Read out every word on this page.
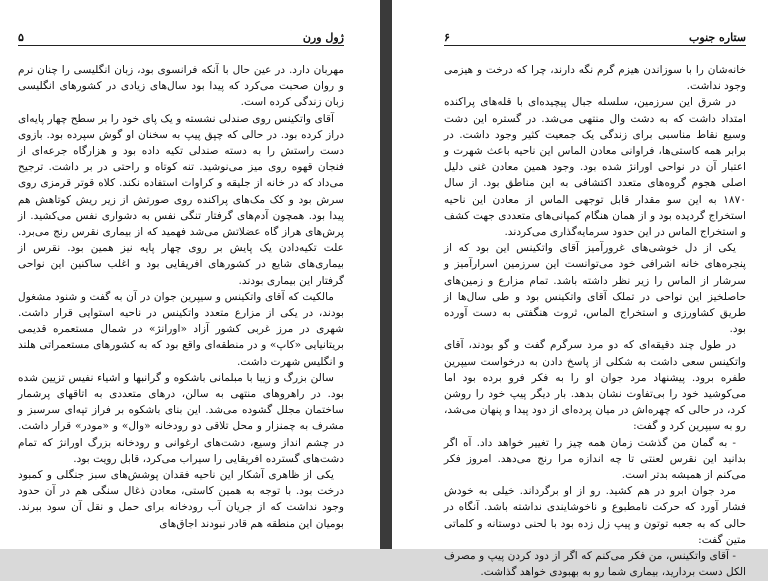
ژول ورن
۵

مهربان دارد. در عین حال با آنکه فرانسوی بود، زبان انگلیسی را چنان نرم و روان صحبت می‌کرد که پیدا بود سال‌های زیادی در کشورهای انگلیسی زبان زندگی کرده است.

آقای واتکینس روی صندلی نشسته و یک پای خود را بر سطح چهار پایه‌ای دراز کرده بود. در حالی که چپق پیپ به سخنان او گوش سپرده بود. بازوی دست راستش را به دسته صندلی تکیه داده بود و هزارگاه جرعه‌ای از فنجان قهوه روی میز می‌نوشید. تنه کوتاه و راحتی در بر داشت. ترجیح می‌داد که در خانه از جلیقه و کراوات استفاده نکند. کلاه قوتر قرمزی روی سرش بود و کک مک‌های پراکنده روی صورتش از زیر ریش کوتاهش هم پیدا بود. همچون آدم‌های گرفتار تنگی نفس به دشواری نفس می‌کشید. از پرش‌های هراز گاه عضلاتش می‌شد فهمید که از بیماری نقرس رنج می‌برد. علت تکیه‌دادن یک پایش بر روی چهار پایه نیز همین بود. نقرس از بیماری‌های شایع در کشورهای افریقایی بود و اغلب ساکنین این نواحی گرفتار این بیماری بودند.

مالکیت که آقای واتکینس و سیپرین جوان در آن به گفت و شنود مشغول بودند، در یکی از مزارع متعدد واتکینس در ناحیه استوایی قرار داشت. شهری در مرز غربی کشور آزاد «اورانژ» در شمال مستعمره قدیمی بریتانیایی «کاپ» و در منطقه‌ای واقع بود که به کشورهای مستعمراتی هلند و انگلیس شهرت داشت.

سالن بزرگ و زیبا با مبلمانی باشکوه و گرانبها و اشیاء نفیس تزیین شده بود. در راهروهای منتهی به سالن، درهای متعددی به اتاقهای پرشمار ساختمان مجلل گشوده می‌شد. این بنای باشکوه بر فراز تپه‌ای سرسبز و مشرف به چمنزار و محل تلاقی دو رودخانه «وال» و «مودر» قرار داشت. در چشم انداز وسیع، دشت‌های ارغوانی و رودخانه بزرگ اورانژ که تمام دشت‌های گسترده افریقایی را سیراب می‌کرد، قابل رویت بود.

یکی از ظاهری آشکار این ناحیه فقدان پوشش‌های سبز جنگلی و کمبود درخت بود. با توجه به همین کاستی، معادن ذغال سنگی هم در آن حدود وجود نداشت که از جریان آب رودخانه برای حمل و نقل آن سود ببرند. بومیان این منطقه هم قادر نبودند اجاق‌های

ستاره جنوب
۶

خانه‌شان را با سوزاندن هیزم گرم نگه دارند، چرا که درخت و هیزمی وجود نداشت.

در شرق این سرزمین، سلسله جبال پیچیده‌ای با قله‌های پراکنده امتداد داشت که به دشت وال منتهی می‌شد. در گستره این دشت وسیع نقاط مناسبی برای زندگی یک جمعیت کثیر وجود داشت. در برابر همه کاستی‌ها، فراوانی معادن الماس این ناحیه باعث شهرت و اعتبار آن در نواحی اورانژ شده بود. وجود همین معادن غنی دلیل اصلی هجوم گروه‌های متعدد اکتشافی به این مناطق بود. از سال ۱۸۷۰ به این سو مقدار قابل توجهی الماس از معادن این ناحیه استخراج گردیده بود و از همان هنگام کمپانی‌های متعددی جهت کشف و استخراج الماس در این حدود سرمایه‌گذاری می‌کردند.

یکی از دل خوشی‌های غرورآمیز آقای واتکینس این بود که از پنجره‌های خانه اشرافی خود می‌توانست این سرزمین اسرارآمیز و سرشار از الماس را زیر نظر داشته باشد. تمام مزارع و زمین‌های حاصلخیز این نواحی در تملک آقای واتکینس بود و طی سال‌ها از طریق کشاورزی و استخراج الماس، ثروت هنگفتی به دست آورده بود.

در طول چند دقیقه‌ای که دو مرد سرگرم گفت و گو بودند، آقای واتکینس سعی داشت به شکلی از پاسخ دادن به درخواست سیپرین طفره برود. پیشنهاد مرد جوان او را به فکر فرو برده بود اما می‌کوشید خود را بی‌تفاوت نشان بدهد. بار دیگر پیپ خود را روشن کرد، در حالی که چهره‌اش در میان پرده‌ای از دود پیدا و پنهان می‌شد، رو به سیپرین کرد و گفت:

- به گمان من گذشت زمان همه چیز را تغییر خواهد داد. آه اگر بدانید این نقرس لعنتی تا چه اندازه مرا رنج می‌دهد. امروز فکر می‌کنم از همیشه بدتر است.

مرد جوان ابرو در هم کشید. رو از او برگرداند. خیلی به خودش فشار آورد که حرکت نامطبوع و ناخوشایندی نداشته باشد. آنگاه در حالی که به جعبه توتون و پیپ زل زده بود با لحنی دوستانه و کلماتی متین گفت:

- آقای واتکینس، من فکر می‌کنم که اگر از دود کردن پیپ و مصرف الکل دست بردارید، بیماری شما رو به بهبودی خواهد گذاشت.
